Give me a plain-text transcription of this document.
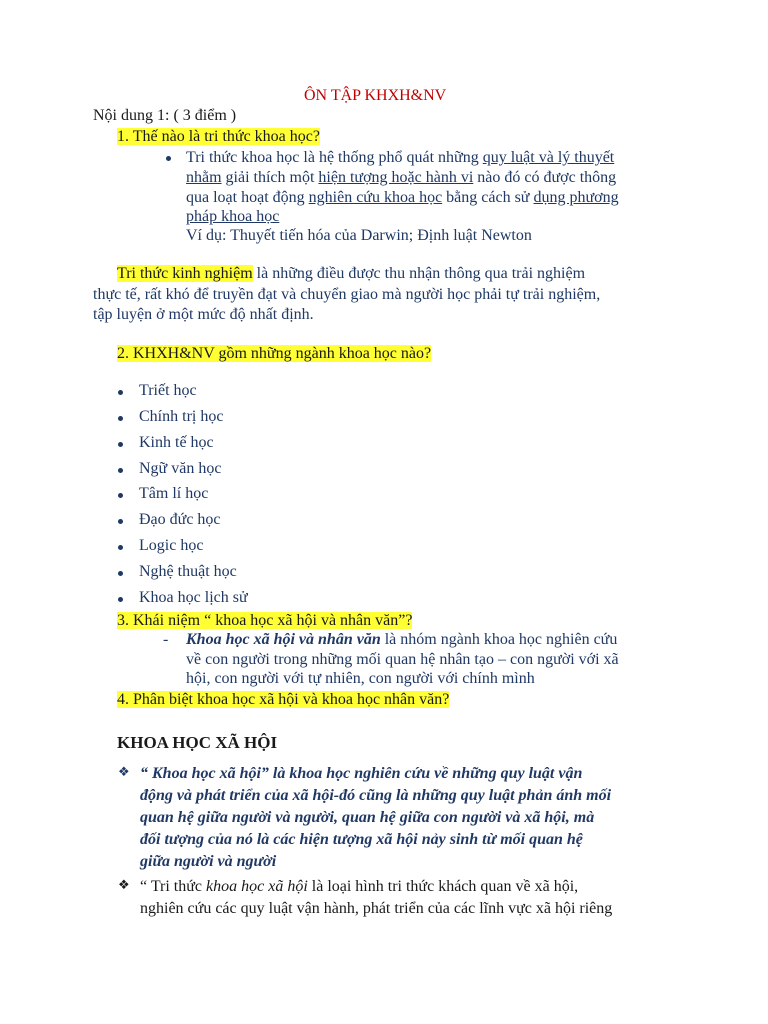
ÔN TẬP KHXH&NV
Nội dung 1: ( 3 điểm )
1. Thế nào là tri thức khoa học?
Tri thức khoa học là hệ thống phổ quát những quy luật và lý thuyết
nhằm giải thích một hiện tượng hoặc hành vi nào đó có được thông
qua loạt hoạt động nghiên cứu khoa học bằng cách sử dụng phương
pháp khoa học
Ví dụ: Thuyết tiến hóa của Darwin; Định luật Newton
Tri thức kinh nghiệm là những điều được thu nhận thông qua trải nghiệm
thực tế, rất khó để truyền đạt và chuyển giao mà người học phải tự trải nghiệm,
tập luyện ở một mức độ nhất định.
2. KHXH&NV gồm những ngành khoa học nào?
Triết học
Chính trị học
Kinh tế học
Ngữ văn học
Tâm lí học
Đạo đức học
Logic học
Nghệ thuật học
Khoa học lịch sử
3. Khái niệm “ khoa học xã hội và nhân văn”?
- Khoa học xã hội và nhân văn là nhóm ngành khoa học nghiên cứu
về con người trong những mối quan hệ nhân tạo – con người với xã
hội, con người với tự nhiên, con người với chính mình
4. Phân biệt khoa học xã hội và khoa học nhân văn?
KHOA HỌC XÃ HỘI
❖ “ Khoa học xã hội” là khoa học nghiên cứu về những quy luật vận
động và phát triển của xã hội-đó cũng là những quy luật phản ánh mối
quan hệ giữa người và người, quan hệ giữa con người và xã hội, mà
đối tượng của nó là các hiện tượng xã hội nảy sinh từ mối quan hệ
giữa người và người
❖ “ Tri thức khoa học xã hội là loại hình tri thức khách quan về xã hội,
nghiên cứu các quy luật vận hành, phát triển của các lĩnh vực xã hội riêng
